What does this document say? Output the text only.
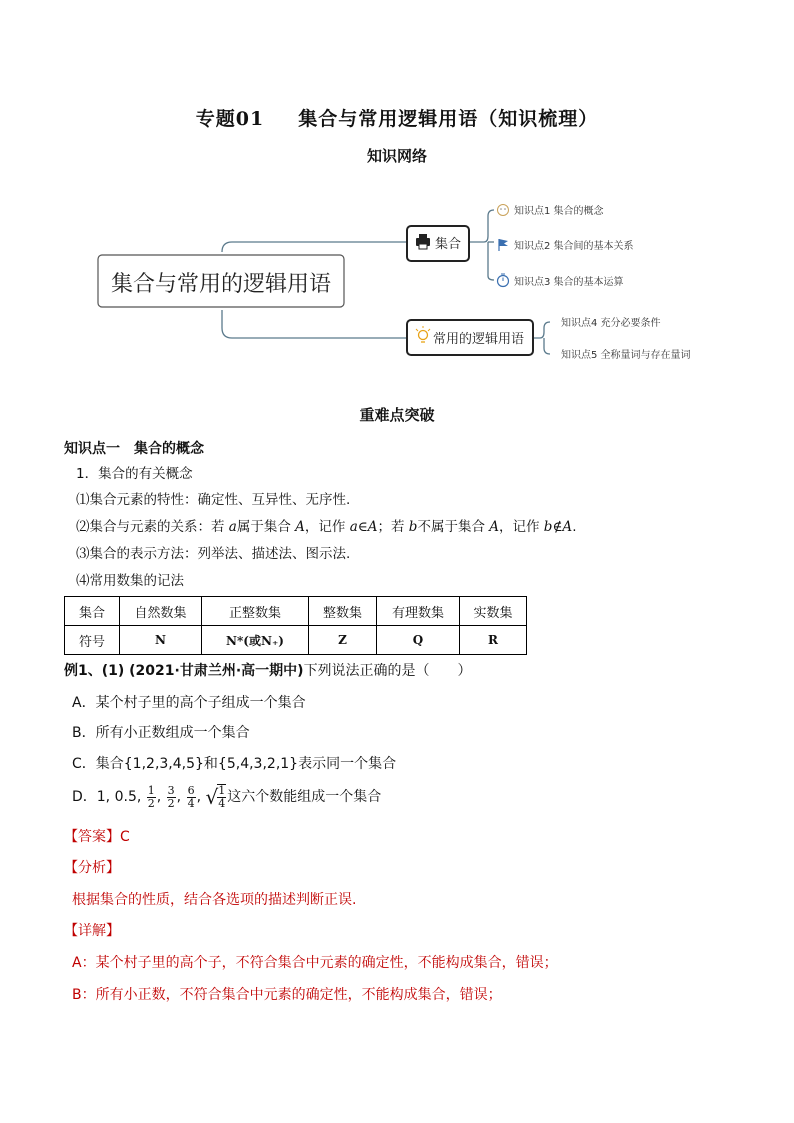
专题01 集合与常用逻辑用语（知识梳理）
知识网络
集合与常用的逻辑用语
集合
知识点1 集合的概念
知识点2 集合间的基本关系
知识点3 集合的基本运算
常用的逻辑用语
知识点4 充分必要条件
知识点5 全称量词与存在量词
重难点突破
知识点一　集合的概念
1．集合的有关概念
⑴集合元素的特性：确定性、互异性、无序性.
⑵集合与元素的关系：若 a属于集合 A，记作 a∈A；若 b不属于集合 A，记作 b∉A.
⑶集合的表示方法：列举法、描述法、图示法.
⑷常用数集的记法
集合	自然数集	正整数集	整数集	有理数集	实数集
符号	N	N*(或N₊)	Z	Q	R
例1、(1) (2021·甘肃兰州·高一期中)下列说法正确的是（　　）
A．某个村子里的高个子组成一个集合
B．所有小正数组成一个集合
C．集合{1,2,3,4,5}和{5,4,3,2,1}表示同一个集合
D．1, 0.5, $\frac{1}{2}$ , $\frac{3}{2}$ , $\frac{6}{4}$ , √ $\frac{1}{4}$ 这六个数能组成一个集合
【答案】C
【分析】
根据集合的性质，结合各选项的描述判断正误.
【详解】
A：某个村子里的高个子，不符合集合中元素的确定性，不能构成集合，错误；
B：所有小正数，不符合集合中元素的确定性，不能构成集合，错误；
